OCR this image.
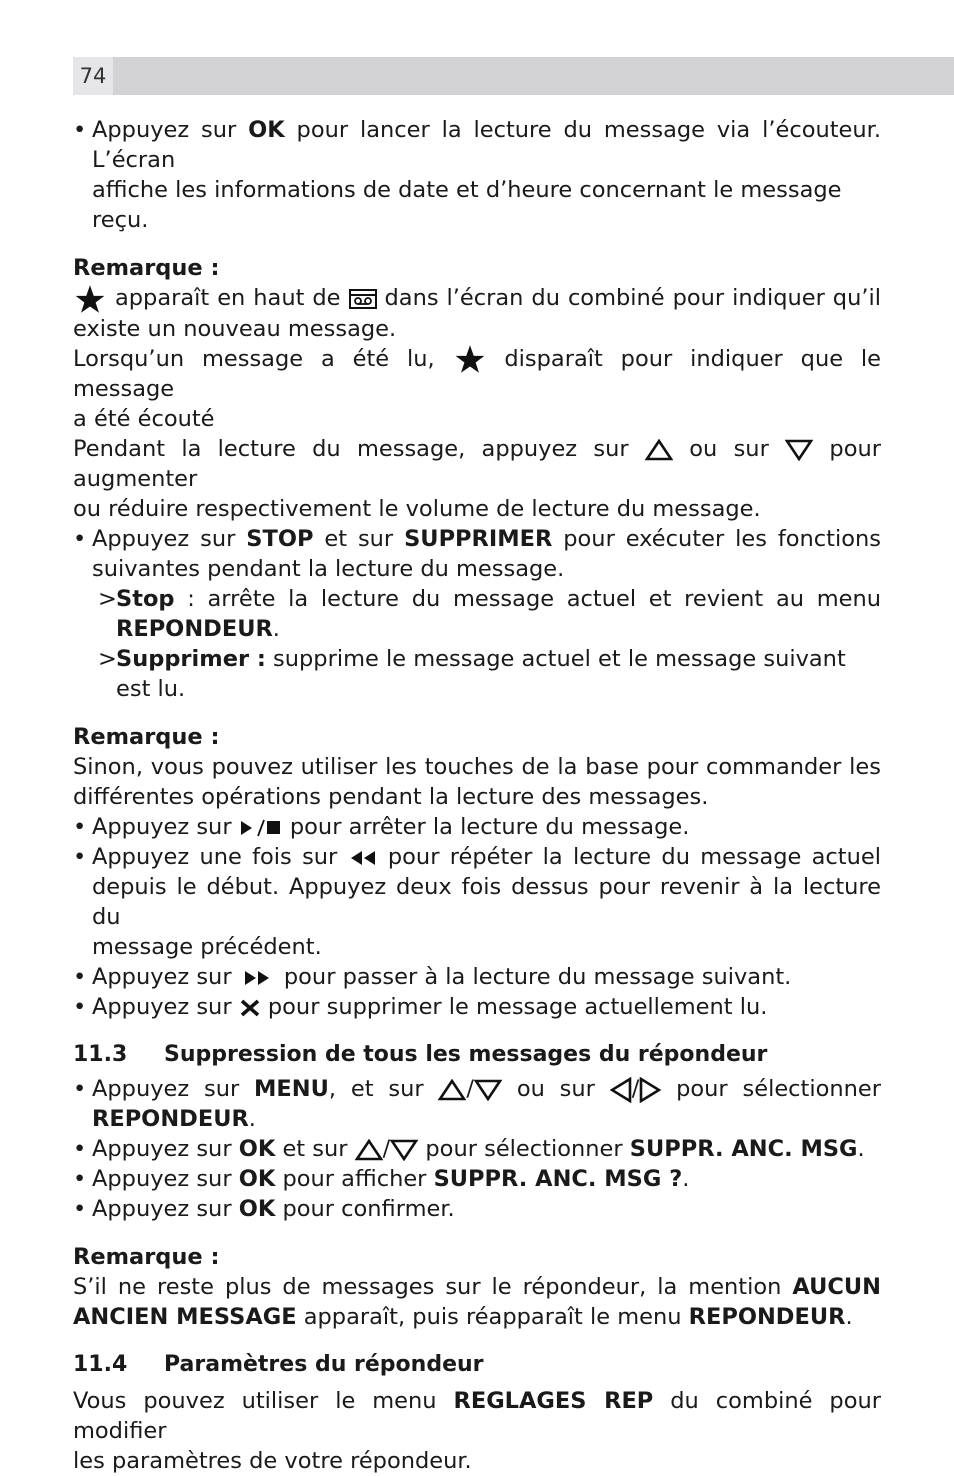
74

• Appuyez sur OK pour lancer la lecture du message via l’écouteur. L’écran

affiche les informations de date et d’heure concernant le message reçu.

Remarque :

apparaît en haut de
dans l’écran du combiné pour indiquer qu’il

existe un nouveau message.

Lorsqu’un message a été lu,
disparaît pour indiquer que le message

a été écouté

Pendant la lecture du message, appuyez sur
ou sur
pour augmenter

ou réduire respectivement le volume de lecture du message.

• Appuyez sur STOP et sur SUPPRIMER pour exécuter les fonctions

suivantes pendant la lecture du message.

> Stop : arrête la lecture du message actuel et revient au menu

REPONDEUR.

> Supprimer : supprime le message actuel et le message suivant est lu.

Remarque :

Sinon, vous pouvez utiliser les touches de la base pour commander les

différentes opérations pendant la lecture des messages.

• Appuyez sur
pour arrêter la lecture du message.

• Appuyez une fois sur
pour répéter la lecture du message actuel

depuis le début. Appuyez deux fois dessus pour revenir à la lecture du

message précédent.

• Appuyez sur
pour passer à la lecture du message suivant.

• Appuyez sur
pour supprimer le message actuellement lu.

11.3 Suppression de tous les messages du répondeur

• Appuyez sur MENU, et sur
/
ou sur
/
pour sélectionner

REPONDEUR.

• Appuyez sur OK et sur
/
pour sélectionner SUPPR. ANC. MSG.

• Appuyez sur OK pour afficher SUPPR. ANC. MSG ?.

• Appuyez sur OK pour confirmer.

Remarque :

S’il ne reste plus de messages sur le répondeur, la mention AUCUN

ANCIEN MESSAGE apparaît, puis réapparaît le menu REPONDEUR.

11.4 Paramètres du répondeur

Vous pouvez utiliser le menu REGLAGES REP du combiné pour modifier

les paramètres de votre répondeur.
